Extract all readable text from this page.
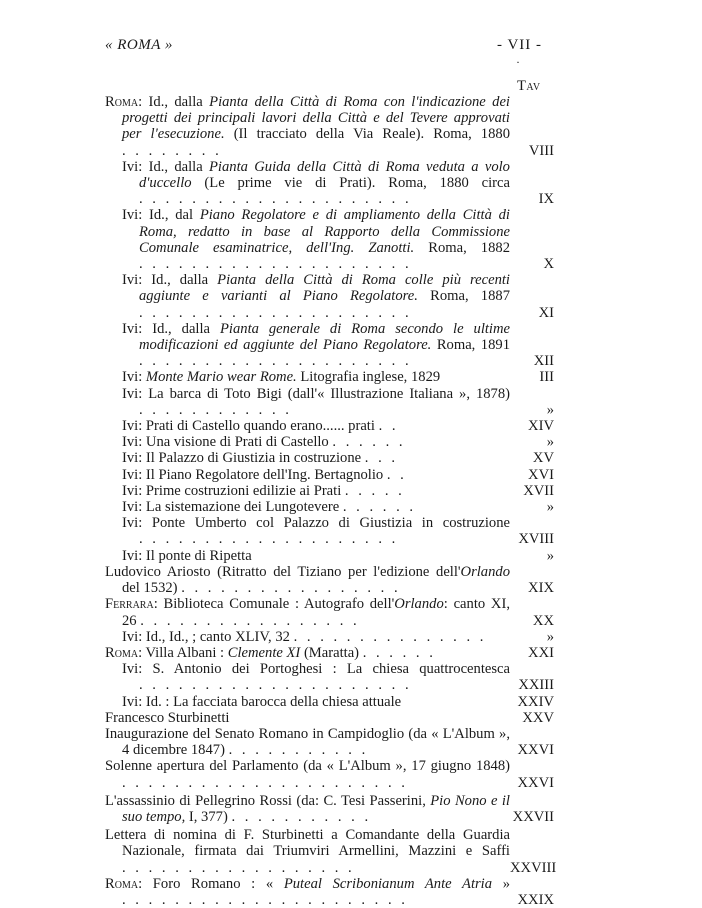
« ROMA »	- VII -
·
Tav
Roma: Id., dalla Pianta della Città di Roma con l'indicazione dei progetti dei principali lavori della Città e del Tevere approvati per l'esecuzione. (Il tracciato della Via Reale). Roma, 1880 . . . . . . . .	VIII
Ivi: Id., dalla Pianta Guida della Città di Roma veduta a volo d'uccello (Le prime vie di Prati). Roma, 1880 circa . . . . . . . . . . . . . . . . . . . . .	IX
Ivi: Id., dal Piano Regolatore e di ampliamento della Città di Roma, redatto in base al Rapporto della Commissione Comunale esaminatrice, dell'Ing. Zanotti. Roma, 1882 . . . . . . . . . . . . . . . . . . . . .	X
Ivi: Id., dalla Pianta della Città di Roma colle più recenti aggiunte e varianti al Piano Regolatore. Roma, 1887 . . . . . . . . . . . . . . . . . . . . .	XI
Ivi: Id., dalla Pianta generale di Roma secondo le ultime modificazioni ed aggiunte del Piano Regolatore. Roma, 1891 . . . . . . . . . . . . . . . . . . . . .	XII
Ivi: Monte Mario wear Rome. Litografia inglese, 1829	III
Ivi: La barca di Toto Bigi (dall'« Illustrazione Italiana », 1878) . . . . . . . . . . . .	»
Ivi: Prati di Castello quando erano...... prati . .	XIV
Ivi: Una visione di Prati di Castello . . . . . .	»
Ivi: Il Palazzo di Giustizia in costruzione . . .	XV
Ivi: Il Piano Regolatore dell'Ing. Bertagnolio . .	XVI
Ivi: Prime costruzioni edilizie ai Prati . . . . .	XVII
Ivi: La sistemazione dei Lungotevere . . . . . .	»
Ivi: Ponte Umberto col Palazzo di Giustizia in costruzione . . . . . . . . . . . . . . . . . . . .	XVIII
Ivi: Il ponte di Ripetta	»
Ludovico Ariosto (Ritratto del Tiziano per l'edizione dell'Orlando del 1532) . . . . . . . . . . . . . . . . .	XIX
Ferrara: Biblioteca Comunale : Autografo dell'Orlando: canto XI, 26 . . . . . . . . . . . . . . . . .	XX
Ivi: Id., Id., ; canto XLIV, 32 . . . . . . . . . . . . . . .	»
Roma: Villa Albani : Clemente XI (Maratta) . . . . . .	XXI
Ivi: S. Antonio dei Portoghesi : La chiesa quattrocentesca . . . . . . . . . . . . . . . . . . . . .	XXIII
Ivi: Id. : La facciata barocca della chiesa attuale	XXIV
Francesco Sturbinetti	XXV
Inaugurazione del Senato Romano in Campidoglio (da « L'Album », 4 dicembre 1847) . . . . . . . . . . .	XXVI
Solenne apertura del Parlamento (da « L'Album », 17 giugno 1848) . . . . . . . . . . . . . . . . . . . . . .	XXVI
L'assassinio di Pellegrino Rossi (da: C. Tesi Passerini, Pio Nono e il suo tempo, I, 377) . . . . . . . . . . .	XXVII
Lettera di nomina di F. Sturbinetti a Comandante della Guardia Nazionale, firmata dai Triumviri Armellini, Mazzini e Saffi . . . . . . . . . . . . . . . . . .	XXVIII
Roma: Foro Romano : « Puteal Scribonianum Ante Atria » . . . . . . . . . . . . . . . . . . . . . .	XXIX
